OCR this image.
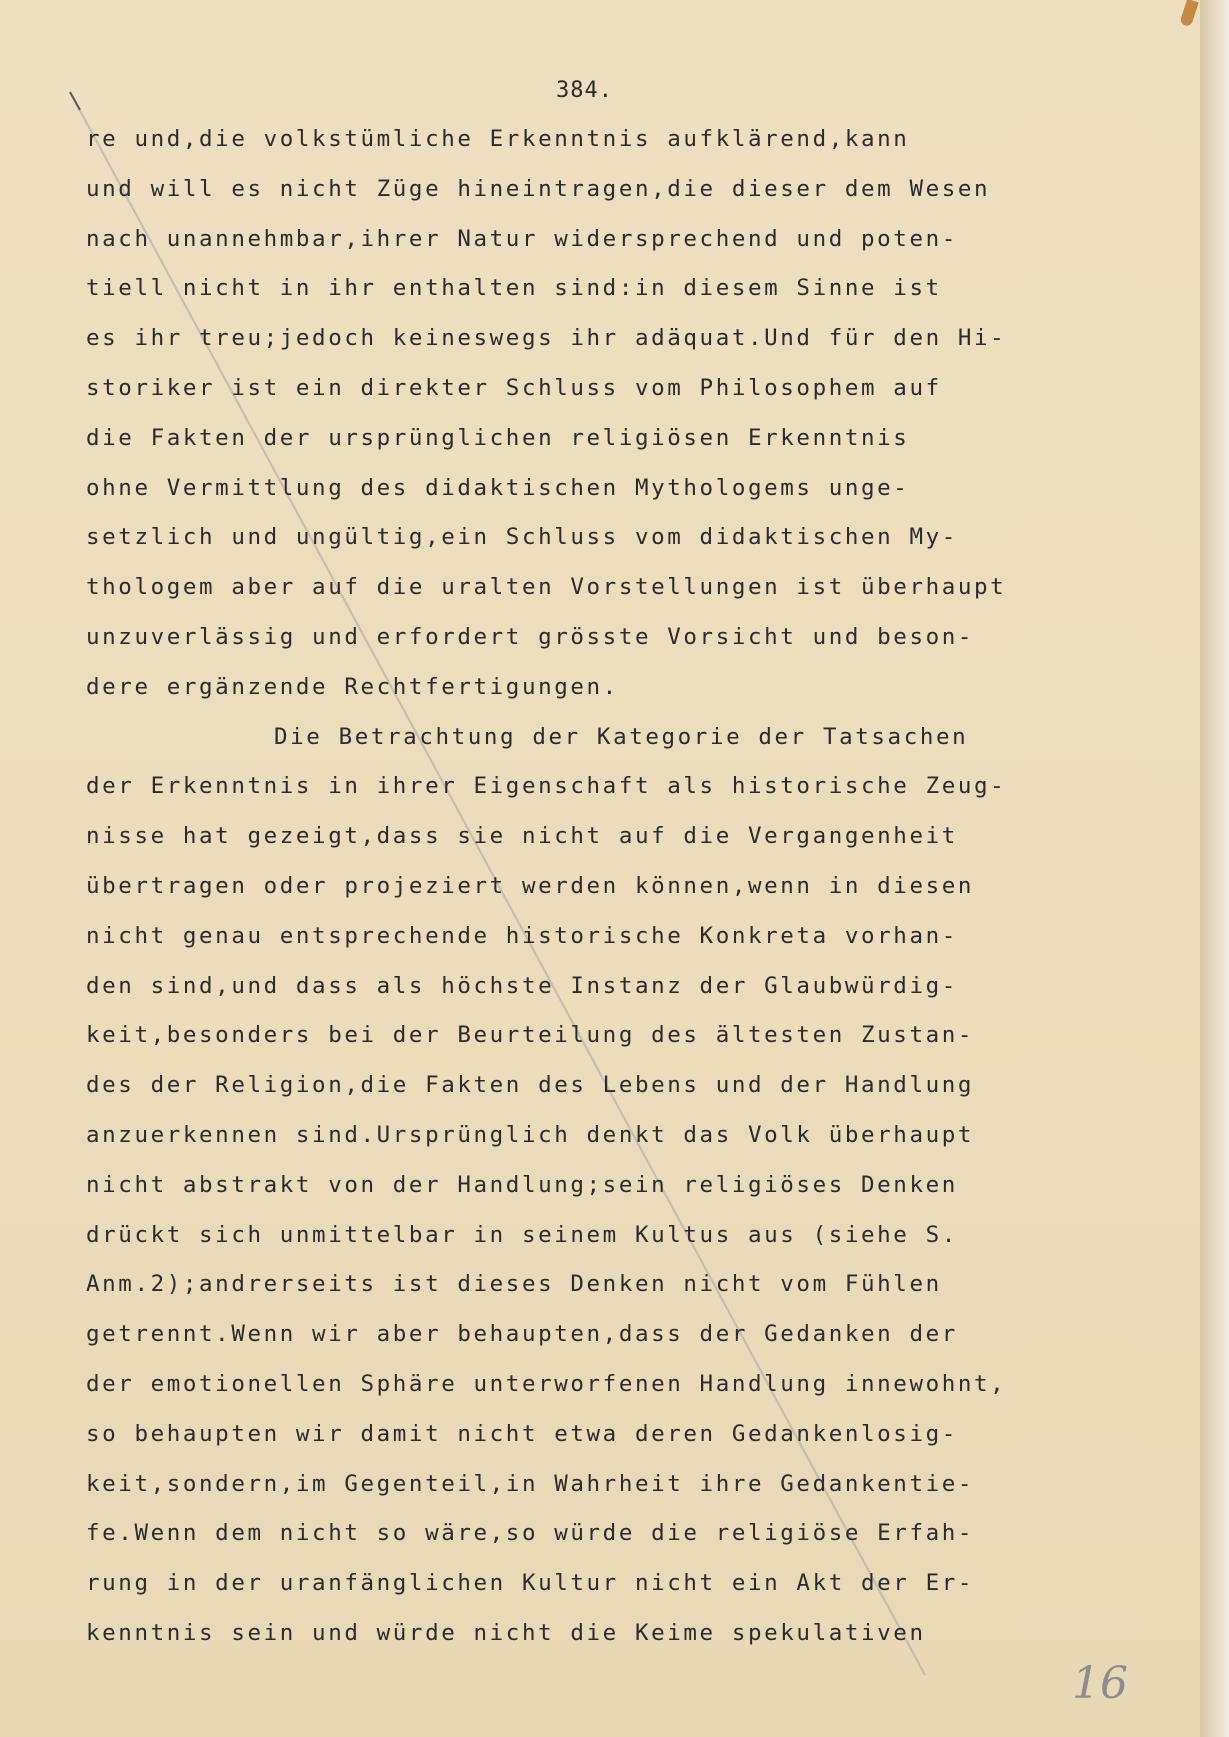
384.
re und,die volkstümliche Erkenntnis aufklärend,kann
und will es nicht Züge hineintragen,die dieser dem Wesen
nach unannehmbar,ihrer Natur widersprechend und poten-
tiell nicht in ihr enthalten sind:in diesem Sinne ist
es ihr treu;jedoch keineswegs ihr adäquat.Und für den Hi-
storiker ist ein direkter Schluss vom Philosophem auf
die Fakten der ursprünglichen religiösen Erkenntnis
ohne Vermittlung des didaktischen Mythologems unge-
setzlich und ungültig,ein Schluss vom didaktischen My-
thologem aber auf die uralten Vorstellungen ist überhaupt
unzuverlässig und erfordert grösste Vorsicht und beson-
dere ergänzende Rechtfertigungen.
Die Betrachtung der Kategorie der Tatsachen
der Erkenntnis in ihrer Eigenschaft als historische Zeug-
nisse hat gezeigt,dass sie nicht auf die Vergangenheit
übertragen oder projeziert werden können,wenn in diesen
nicht genau entsprechende historische Konkreta vorhan-
den sind,und dass als höchste Instanz der Glaubwürdig-
keit,besonders bei der Beurteilung des ältesten Zustan-
des der Religion,die Fakten des Lebens und der Handlung
anzuerkennen sind.Ursprünglich denkt das Volk überhaupt
nicht abstrakt von der Handlung;sein religiöses Denken
drückt sich unmittelbar in seinem Kultus aus (siehe S.
Anm.2);andrerseits ist dieses Denken nicht vom Fühlen
getrennt.Wenn wir aber behaupten,dass der Gedanken der
der emotionellen Sphäre unterworfenen Handlung innewohnt,
so behaupten wir damit nicht etwa deren Gedankenlosig-
keit,sondern,im Gegenteil,in Wahrheit ihre Gedankentie-
fe.Wenn dem nicht so wäre,so würde die religiöse Erfah-
rung in der uranfänglichen Kultur nicht ein Akt der Er-
kenntnis sein und würde nicht die Keime spekulativen
16
